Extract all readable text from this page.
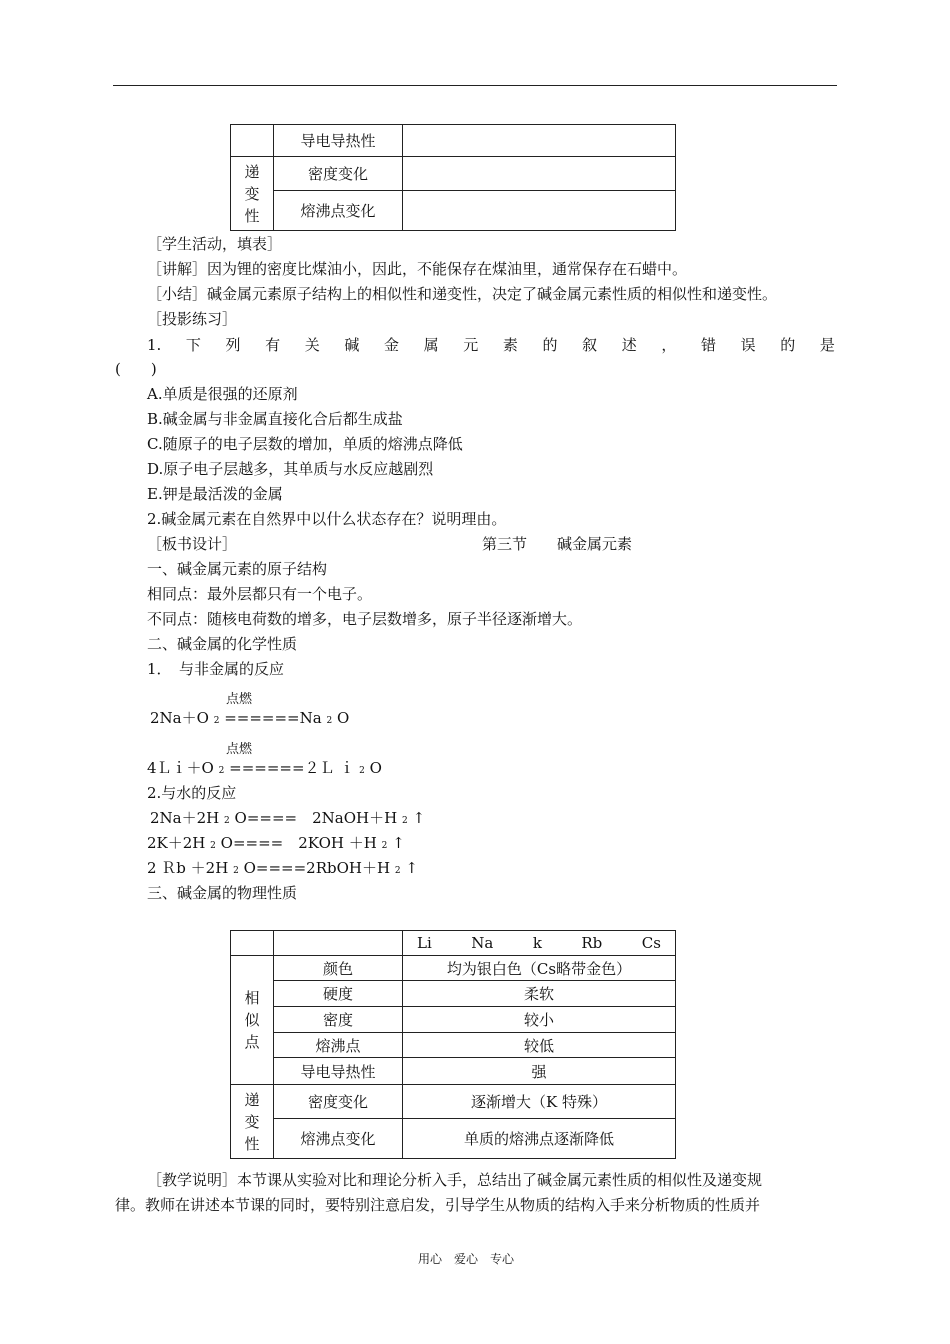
	导电导热性	

递
变
性	密度变化	
	熔沸点变化	
［学生活动，填表］
［讲解］因为锂的密度比煤油小，因此，不能保存在煤油里，通常保存在石蜡中。
［小结］碱金属元素原子结构上的相似性和递变性，决定了碱金属元素性质的相似性和递变性。
［投影练习］
1. 下 列 有 关 碱 金 属 元 素 的 叙 述 ， 错 误 的 是
(　　)
A.单质是很强的还原剂
B.碱金属与非金属直接化合后都生成盐
C.随原子的电子层数的增加，单质的熔沸点降低
D.原子电子层越多，其单质与水反应越剧烈
E.钾是最活泼的金属
2.碱金属元素在自然界中以什么状态存在？说明理由。
［板书设计］	第三节　　碱金属元素
一、碱金属元素的原子结构
相同点：最外层都只有一个电子。
不同点：随核电荷数的增多，电子层数增多，原子半径逐渐增大。
二、碱金属的化学性质
1．　与非金属的反应
点燃
2Na＋O 2 ======Na 2 O
点燃
4Ｌｉ＋O 2 ======２Ｌ ｉ 2 O
2.与水的反应
2Na＋2H 2 O====　2NaOH＋H 2 ↑
2K＋2H 2 O====　2KOH ＋H 2 ↑
2 Ｒb ＋2H 2 O====2RbOH＋H 2 ↑
三、碱金属的物理性质

		Li Na k Rb Cs

相
似
点	颜色	均为银白色（Cs略带金色）
	硬度	柔软
	密度	较小
	熔沸点	较低
	导电导热性	强

递
变
性	密度变化	逐渐增大（K 特殊）
	熔沸点变化	单质的熔沸点逐渐降低
［教学说明］本节课从实验对比和理论分析入手，总结出了碱金属元素性质的相似性及递变规
律。教师在讲述本节课的同时，要特别注意启发，引导学生从物质的结构入手来分析物质的性质并
用心　爱心　专心
